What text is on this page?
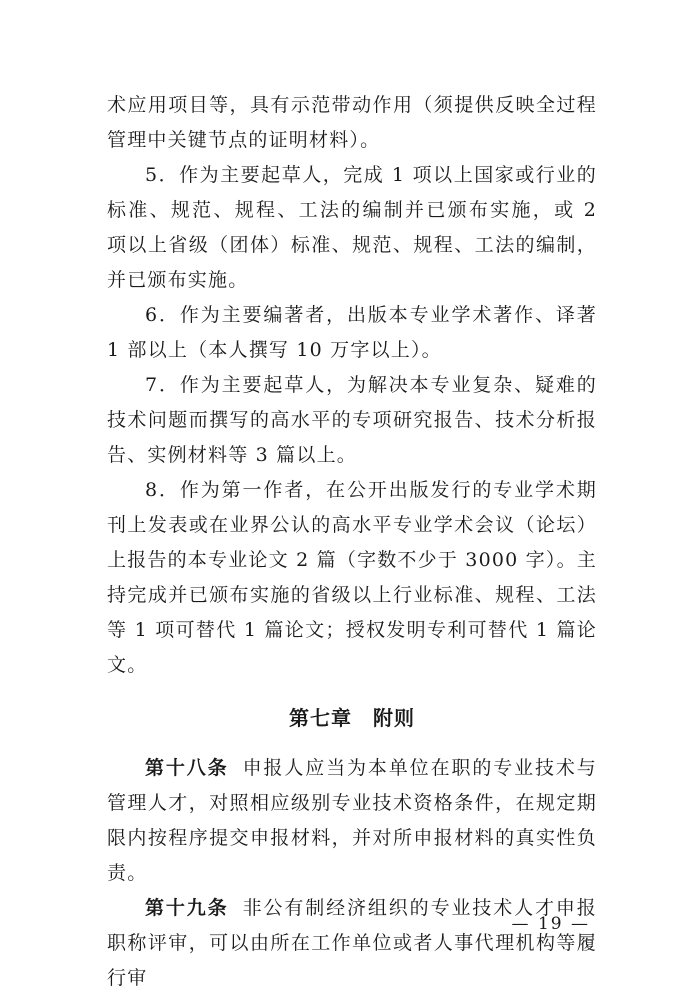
术应用项目等，具有示范带动作用（须提供反映全过程管理中关键节点的证明材料）。

5．作为主要起草人，完成 1 项以上国家或行业的标准、规范、规程、工法的编制并已颁布实施，或 2 项以上省级（团体）标准、规范、规程、工法的编制，并已颁布实施。

6．作为主要编著者，出版本专业学术著作、译著 1 部以上（本人撰写 10 万字以上）。

7．作为主要起草人，为解决本专业复杂、疑难的技术问题而撰写的高水平的专项研究报告、技术分析报告、实例材料等 3 篇以上。

8．作为第一作者，在公开出版发行的专业学术期刊上发表或在业界公认的高水平专业学术会议（论坛）上报告的本专业论文 2 篇（字数不少于 3000 字）。主持完成并已颁布实施的省级以上行业标准、规程、工法等 1 项可替代 1 篇论文；授权发明专利可替代 1 篇论文。

第七章　附则

第十八条 申报人应当为本单位在职的专业技术与管理人才，对照相应级别专业技术资格条件，在规定期限内按程序提交申报材料，并对所申报材料的真实性负责。

第十九条 非公有制经济组织的专业技术人才申报职称评审，可以由所在工作单位或者人事代理机构等履行审

— 19 —
